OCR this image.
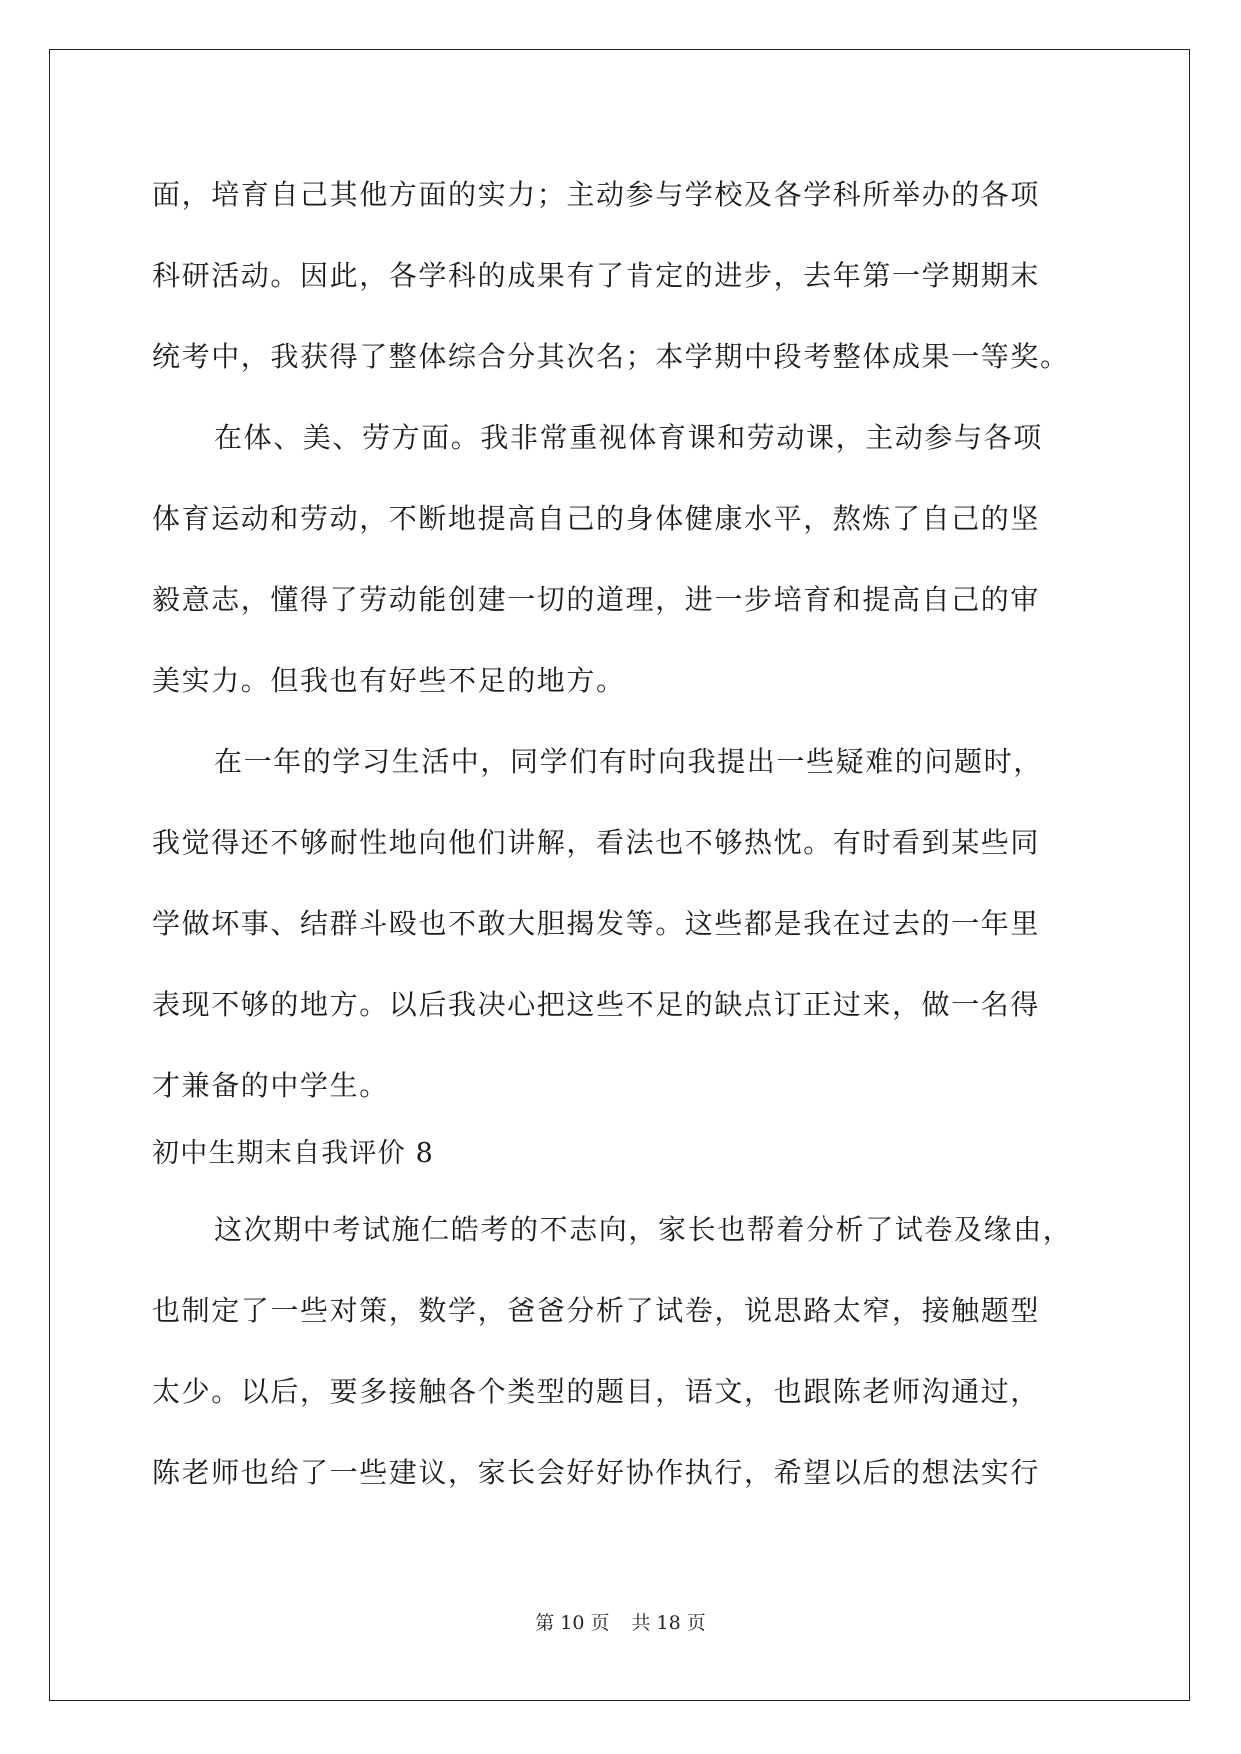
面，培育自己其他方面的实力；主动参与学校及各学科所举办的各项
科研活动。因此，各学科的成果有了肯定的进步，去年第一学期期末
统考中，我获得了整体综合分其次名；本学期中段考整体成果一等奖。
在体、美、劳方面。我非常重视体育课和劳动课，主动参与各项
体育运动和劳动，不断地提高自己的身体健康水平，熬炼了自己的坚
毅意志，懂得了劳动能创建一切的道理，进一步培育和提高自己的审
美实力。但我也有好些不足的地方。
在一年的学习生活中，同学们有时向我提出一些疑难的问题时，
我觉得还不够耐性地向他们讲解，看法也不够热忱。有时看到某些同
学做坏事、结群斗殴也不敢大胆揭发等。这些都是我在过去的一年里
表现不够的地方。以后我决心把这些不足的缺点订正过来，做一名得
才兼备的中学生。
初中生期末自我评价 8
这次期中考试施仁皓考的不志向，家长也帮着分析了试卷及缘由，
也制定了一些对策，数学，爸爸分析了试卷，说思路太窄，接触题型
太少。以后，要多接触各个类型的题目，语文，也跟陈老师沟通过，
陈老师也给了一些建议，家长会好好协作执行，希望以后的想法实行
第 10 页 共 18 页
